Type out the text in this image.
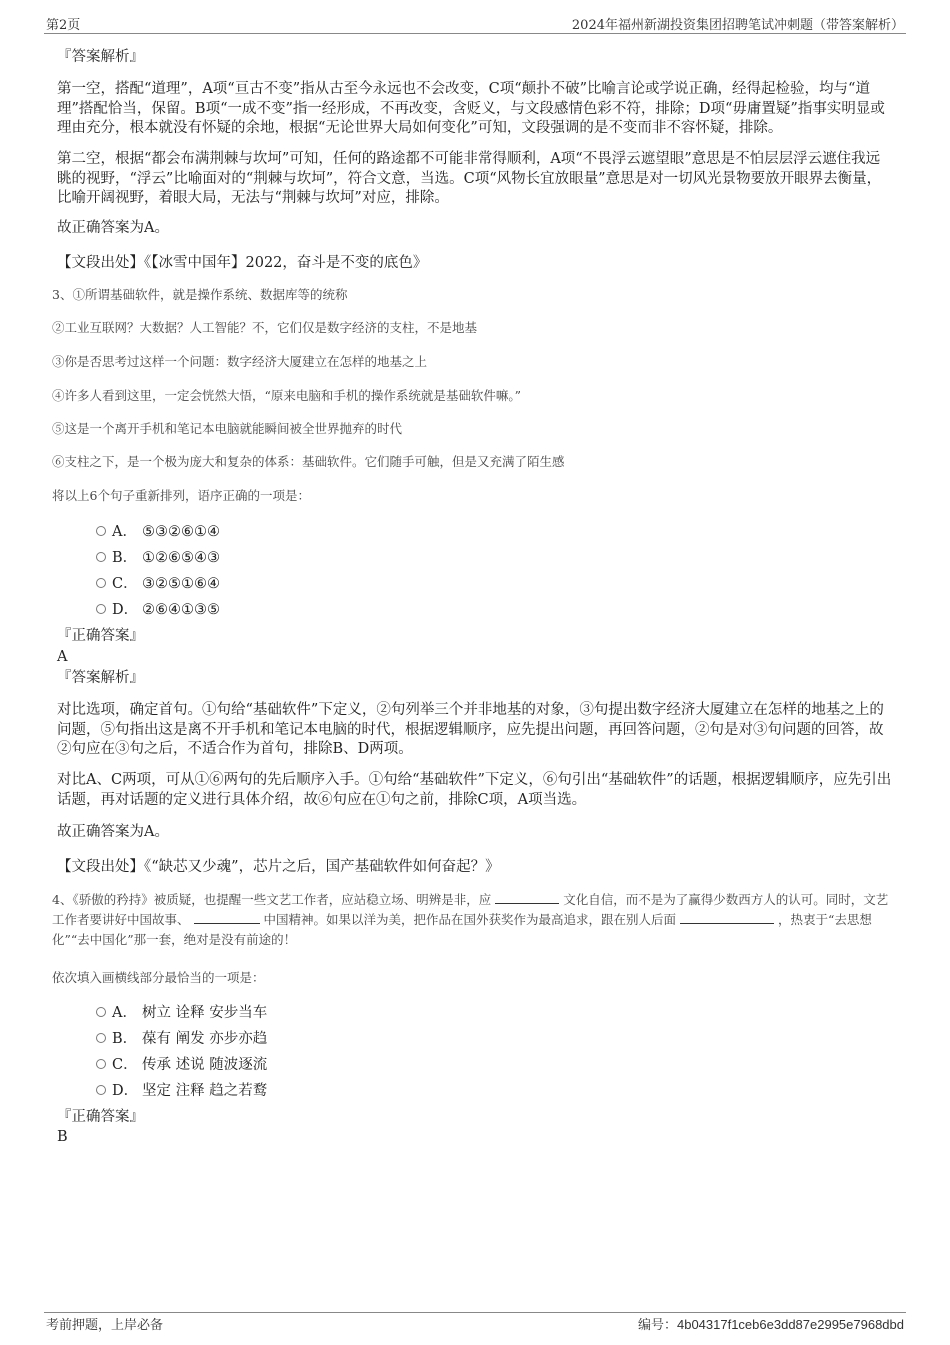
第2页	2024年福州新湖投资集团招聘笔试冲刺题（带答案解析）
『答案解析』
第一空，搭配“道理”，A项“亘古不变”指从古至今永远也不会改变，C项“颠扑不破”比喻言论或学说正确，经得起检验，均与“道理”搭配恰当，保留。B项“一成不变”指一经形成，不再改变，含贬义，与文段感情色彩不符，排除；D项“毋庸置疑”指事实明显或理由充分，根本就没有怀疑的余地，根据“无论世界大局如何变化”可知，文段强调的是不变而非不容怀疑，排除。
第二空，根据“都会布满荆棘与坎坷”可知，任何的路途都不可能非常得顺利，A项“不畏浮云遮望眼”意思是不怕层层浮云遮住我远眺的视野，“浮云”比喻面对的“荆棘与坎坷”，符合文意，当选。C项“风物长宜放眼量”意思是对一切风光景物要放开眼界去衡量，比喻开阔视野，着眼大局，无法与“荆棘与坎坷”对应，排除。
故正确答案为A。
【文段出处】《【冰雪中国年】2022，奋斗是不变的底色》
3、①所谓基础软件，就是操作系统、数据库等的统称
②工业互联网？大数据？人工智能？不，它们仅是数字经济的支柱，不是地基
③你是否思考过这样一个问题：数字经济大厦建立在怎样的地基之上
④许多人看到这里，一定会恍然大悟，“原来电脑和手机的操作系统就是基础软件嘛。”
⑤这是一个离开手机和笔记本电脑就能瞬间被全世界抛弃的时代
⑥支柱之下，是一个极为庞大和复杂的体系：基础软件。它们随手可触，但是又充满了陌生感
将以上6个句子重新排列，语序正确的一项是：
A． ⑤③②⑥①④
B． ①②⑥⑤④③
C． ③②⑤①⑥④
D． ②⑥④①③⑤
『正确答案』
A
『答案解析』
对比选项，确定首句。①句给“基础软件”下定义，②句列举三个并非地基的对象，③句提出数字经济大厦建立在怎样的地基之上的问题，⑤句指出这是离不开手机和笔记本电脑的时代，根据逻辑顺序，应先提出问题，再回答问题，②句是对③句问题的回答，故②句应在③句之后，不适合作为首句，排除B、D两项。
对比A、C两项，可从①⑥两句的先后顺序入手。①句给“基础软件”下定义，⑥句引出“基础软件”的话题，根据逻辑顺序，应先引出话题，再对话题的定义进行具体介绍，故⑥句应在①句之前，排除C项，A项当选。
故正确答案为A。
【文段出处】《“缺芯又少魂”，芯片之后，国产基础软件如何奋起？》
4、《骄傲的矜持》被质疑，也提醒一些文艺工作者，应站稳立场、明辨是非，应	文化自信，而不是为了赢得少数西方人的认可。同时，文艺工作者要讲好中国故事、	中国精神。如果以洋为美，把作品在国外获奖作为最高追求，跟在别人后面	，热衷于“去思想化”“去中国化”那一套，绝对是没有前途的！
依次填入画横线部分最恰当的一项是：
A． 树立 诠释 安步当车
B． 葆有 阐发 亦步亦趋
C． 传承 述说 随波逐流
D． 坚定 注释 趋之若鹜
『正确答案』
B
考前押题，上岸必备	编号：4b04317f1ceb6e3dd87e2995e7968dbd
